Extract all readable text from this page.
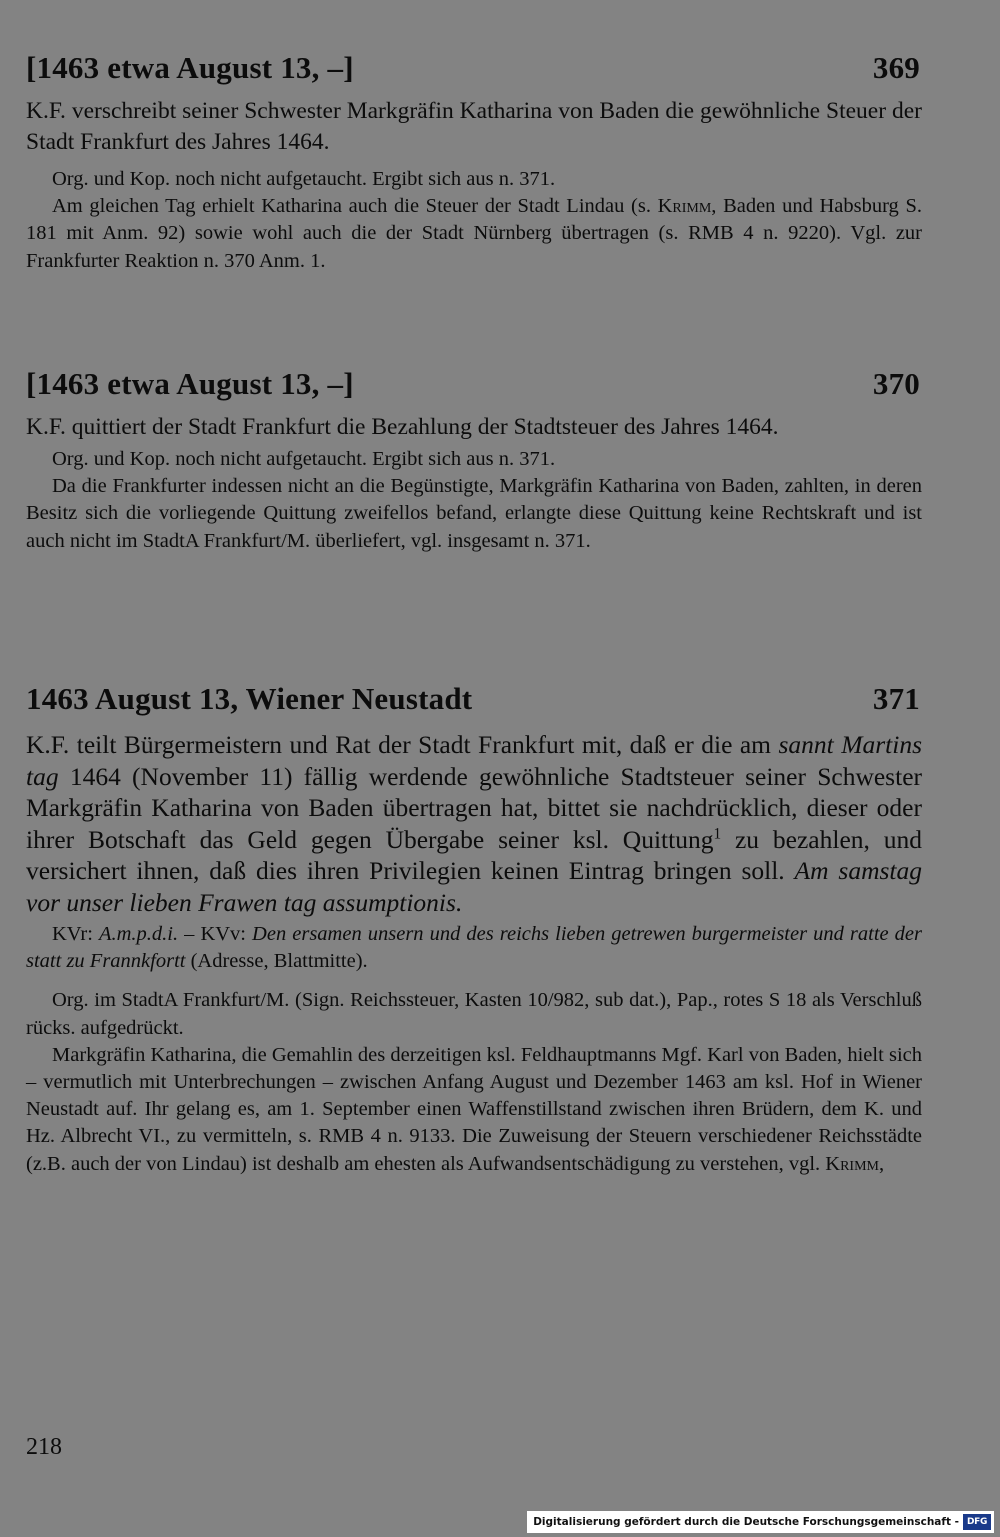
[1463 etwa August 13, –]	369

K.F. verschreibt seiner Schwester Markgräfin Katharina von Baden die gewöhnliche Steuer der Stadt Frankfurt des Jahres 1464.

Org. und Kop. noch nicht aufgetaucht. Ergibt sich aus n. 371.

Am gleichen Tag erhielt Katharina auch die Steuer der Stadt Lindau (s. Krimm, Baden und Habsburg S. 181 mit Anm. 92) sowie wohl auch die der Stadt Nürnberg übertragen (s. RMB 4 n. 9220). Vgl. zur Frankfurter Reaktion n. 370 Anm. 1.

[1463 etwa August 13, –]	370

K.F. quittiert der Stadt Frankfurt die Bezahlung der Stadtsteuer des Jahres 1464.

Org. und Kop. noch nicht aufgetaucht. Ergibt sich aus n. 371.

Da die Frankfurter indessen nicht an die Begünstigte, Markgräfin Katharina von Baden, zahlten, in deren Besitz sich die vorliegende Quittung zweifellos befand, erlangte diese Quittung keine Rechtskraft und ist auch nicht im StadtA Frankfurt/M. überliefert, vgl. insgesamt n. 371.

1463 August 13, Wiener Neustadt	371

K.F. teilt Bürgermeistern und Rat der Stadt Frankfurt mit, daß er die am sannt Martins tag 1464 (November 11) fällig werdende gewöhnliche Stadtsteuer seiner Schwester Markgräfin Katharina von Baden übertragen hat, bittet sie nachdrücklich, dieser oder ihrer Botschaft das Geld gegen Übergabe seiner ksl. Quittung$^1$ zu bezahlen, und versichert ihnen, daß dies ihren Privilegien keinen Eintrag bringen soll. Am samstag vor unser lieben Frawen tag assumptionis.

KVr: A.m.p.d.i. – KVv: Den ersamen unsern und des reichs lieben getrewen burgermeister und ratte der statt zu Frannkfortt (Adresse, Blattmitte).

Org. im StadtA Frankfurt/M. (Sign. Reichssteuer, Kasten 10/982, sub dat.), Pap., rotes S 18 als Verschluß rücks. aufgedrückt.

Markgräfin Katharina, die Gemahlin des derzeitigen ksl. Feldhauptmanns Mgf. Karl von Baden, hielt sich – vermutlich mit Unterbrechungen – zwischen Anfang August und Dezember 1463 am ksl. Hof in Wiener Neustadt auf. Ihr gelang es, am 1. September einen Waffenstillstand zwischen ihren Brüdern, dem K. und Hz. Albrecht VI., zu vermitteln, s. RMB 4 n. 9133. Die Zuweisung der Steuern verschiedener Reichsstädte (z.B. auch der von Lindau) ist deshalb am ehesten als Aufwandsentschädigung zu verstehen, vgl. Krimm,

218
Digitalisierung gefördert durch die Deutsche Forschungsgemeinschaft - DFG
